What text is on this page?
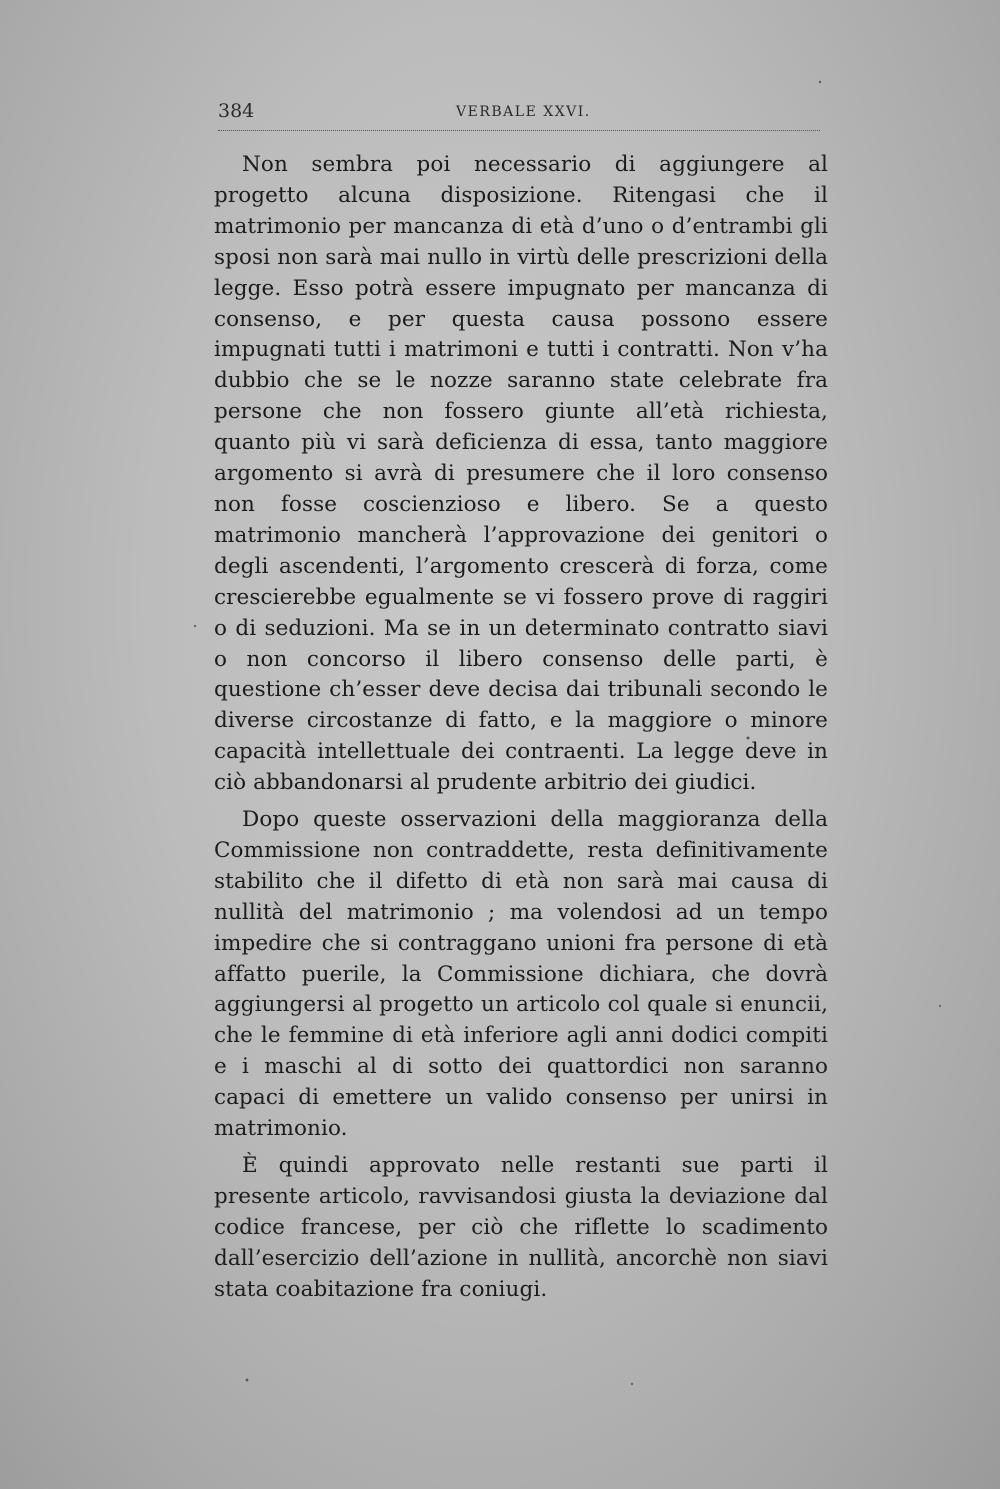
384	VERBALE XXVI.

Non sembra poi necessario di aggiungere al progetto alcuna disposizione. Ritengasi che il matrimonio per mancanza di età d’uno o d’entrambi gli sposi non sarà mai nullo in virtù delle prescrizioni della legge. Esso potrà essere impugnato per mancanza di consenso, e per questa causa possono essere impugnati tutti i matrimoni e tutti i contratti. Non v’ha dubbio che se le nozze saranno state celebrate fra persone che non fossero giunte all’età richiesta, quanto più vi sarà deficienza di essa, tanto maggiore argomento si avrà di presumere che il loro consenso non fosse coscienzioso e libero. Se a questo matrimonio mancherà l’approvazione dei genitori o degli ascendenti, l’argomento crescerà di forza, come crescierebbe egualmente se vi fossero prove di raggiri o di seduzioni. Ma se in un determinato contratto siavi o non concorso il libero consenso delle parti, è questione ch’esser deve decisa dai tribunali secondo le diverse circostanze di fatto, e la maggiore o minore capacità intellettuale dei contraenti. La legge deve in ciò abbandonarsi al prudente arbitrio dei giudici.

Dopo queste osservazioni della maggioranza della Commissione non contraddette, resta definitivamente stabilito che il difetto di età non sarà mai causa di nullità del matrimonio ; ma volendosi ad un tempo impedire che si contraggano unioni fra persone di età affatto puerile, la Commissione dichiara, che dovrà aggiungersi al progetto un articolo col quale si enuncii, che le femmine di età inferiore agli anni dodici compiti e i maschi al di sotto dei quattordici non saranno capaci di emettere un valido consenso per unirsi in matrimonio.

È quindi approvato nelle restanti sue parti il presente articolo, ravvisandosi giusta la deviazione dal codice francese, per ciò che riflette lo scadimento dall’esercizio dell’azione in nullità, ancorchè non siavi stata coabitazione fra coniugi.
